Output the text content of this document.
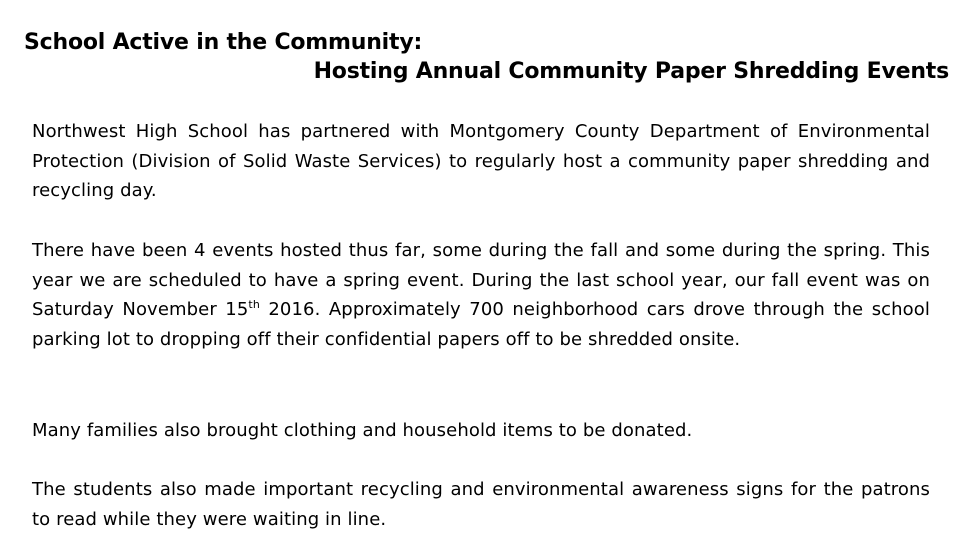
School Active in the Community:
Hosting Annual Community Paper Shredding Events

Northwest High School has partnered with Montgomery County Department of Environmental Protection (Division of Solid Waste Services) to regularly host a community paper shredding and recycling day.

There have been 4 events hosted thus far, some during the fall and some during the spring. This year we are scheduled to have a spring event. During the last school year, our fall event was on Saturday November 15th 2016. Approximately 700 neighborhood cars drove through the school parking lot to dropping off their confidential papers off to be shredded onsite.

Many families also brought clothing and household items to be donated.

The students also made important recycling and environmental awareness signs for the patrons to read while they were waiting in line.
